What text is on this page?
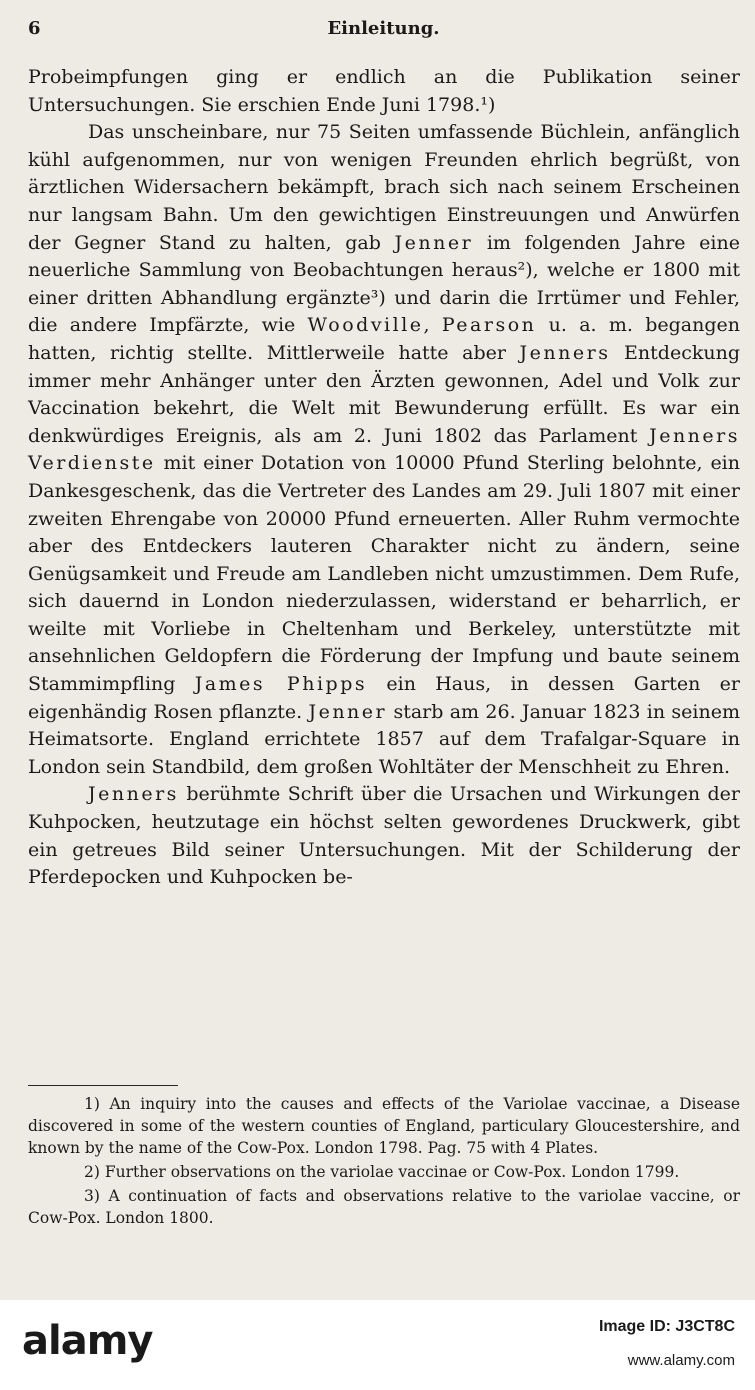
6	Einleitung.

Probeimpfungen ging er endlich an die Publikation seiner Untersuchungen. Sie erschien Ende Juni 1798.¹)

Das unscheinbare, nur 75 Seiten umfassende Büchlein, anfänglich kühl aufgenommen, nur von wenigen Freunden ehrlich begrüßt, von ärztlichen Widersachern bekämpft, brach sich nach seinem Erscheinen nur langsam Bahn. Um den gewichtigen Einstreuungen und Anwürfen der Gegner Stand zu halten, gab Jenner im folgenden Jahre eine neuerliche Sammlung von Beobachtungen heraus²), welche er 1800 mit einer dritten Abhandlung ergänzte³) und darin die Irrtümer und Fehler, die andere Impfärzte, wie Woodville, Pearson u. a. m. begangen hatten, richtig stellte. Mittlerweile hatte aber Jenners Entdeckung immer mehr Anhänger unter den Ärzten gewonnen, Adel und Volk zur Vaccination bekehrt, die Welt mit Bewunderung erfüllt. Es war ein denkwürdiges Ereignis, als am 2. Juni 1802 das Parlament Jenners Verdienste mit einer Dotation von 10000 Pfund Sterling belohnte, ein Dankesgeschenk, das die Vertreter des Landes am 29. Juli 1807 mit einer zweiten Ehrengabe von 20000 Pfund erneuerten. Aller Ruhm vermochte aber des Entdeckers lauteren Charakter nicht zu ändern, seine Genügsamkeit und Freude am Landleben nicht umzustimmen. Dem Rufe, sich dauernd in London niederzulassen, widerstand er beharrlich, er weilte mit Vorliebe in Cheltenham und Berkeley, unterstützte mit ansehnlichen Geldopfern die Förderung der Impfung und baute seinem Stammimpfling James Phipps ein Haus, in dessen Garten er eigenhändig Rosen pflanzte. Jenner starb am 26. Januar 1823 in seinem Heimatsorte. England errichtete 1857 auf dem Trafalgar-Square in London sein Standbild, dem großen Wohltäter der Menschheit zu Ehren.

Jenners berühmte Schrift über die Ursachen und Wirkungen der Kuhpocken, heutzutage ein höchst selten gewordenes Druckwerk, gibt ein getreues Bild seiner Untersuchungen. Mit der Schilderung der Pferdepocken und Kuhpocken be-

1) An inquiry into the causes and effects of the Variolae vaccinae, a Disease discovered in some of the western counties of England, particulary Gloucestershire, and known by the name of the Cow-Pox. London 1798. Pag. 75 with 4 Plates.

2) Further observations on the variolae vaccinae or Cow-Pox. London 1799.

3) A continuation of facts and observations relative to the variolae vaccine, or Cow-Pox. London 1800.

alamy	Image ID: J3CT8C
www.alamy.com
